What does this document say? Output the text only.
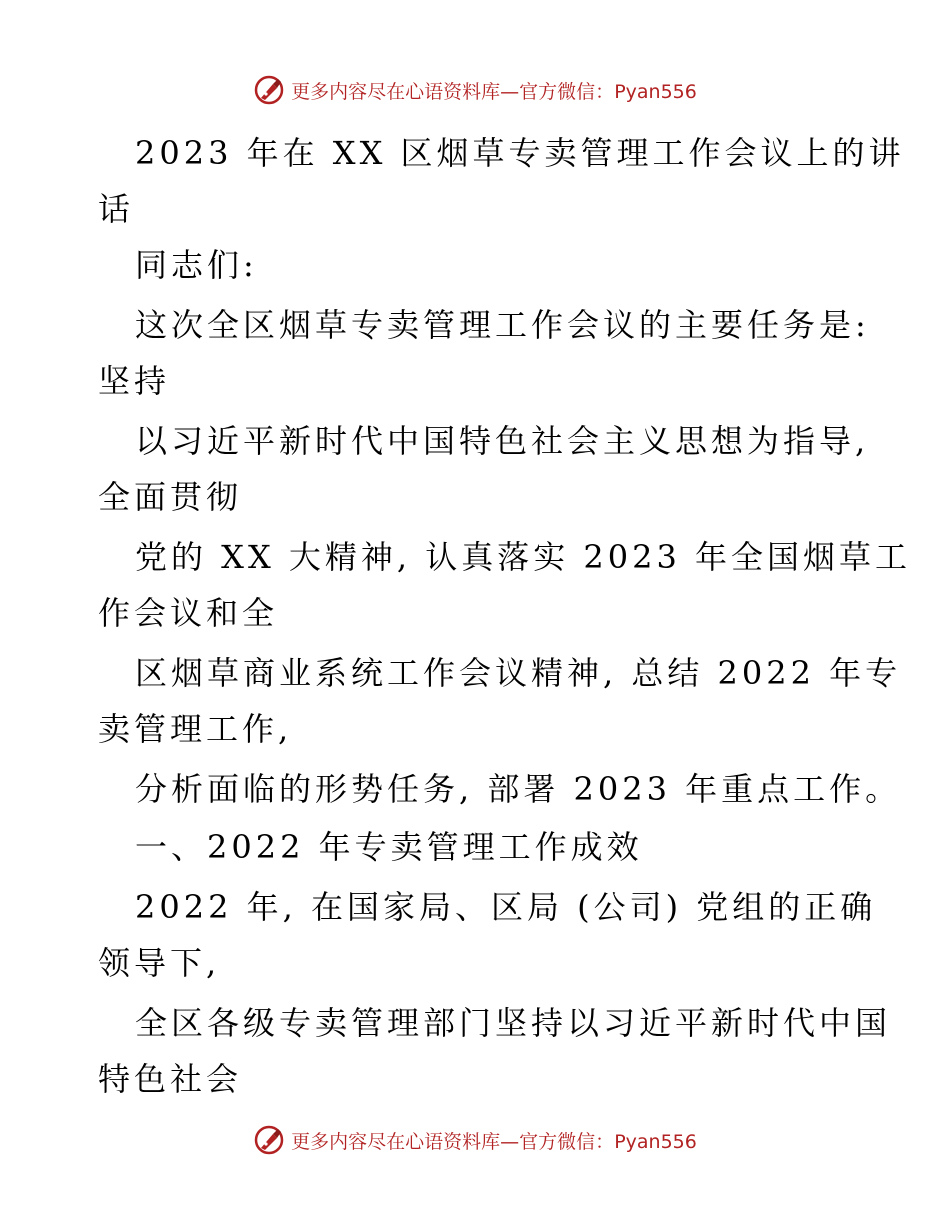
更多内容尽在心语资料库—官方微信：Pyan556
2023 年在 XX 区烟草专卖管理工作会议上的讲
话
同志们:
这次全区烟草专卖管理工作会议的主要任务是:
坚持
以习近平新时代中国特色社会主义思想为指导,
全面贯彻
党的 XX 大精神, 认真落实 2023 年全国烟草工
作会议和全
区烟草商业系统工作会议精神, 总结 2022 年专
卖管理工作,
分析面临的形势任务, 部署 2023 年重点工作。
一、2022 年专卖管理工作成效
2022 年, 在国家局、区局 (公司) 党组的正确
领导下,
全区各级专卖管理部门坚持以习近平新时代中国
特色社会
更多内容尽在心语资料库—官方微信：Pyan556
